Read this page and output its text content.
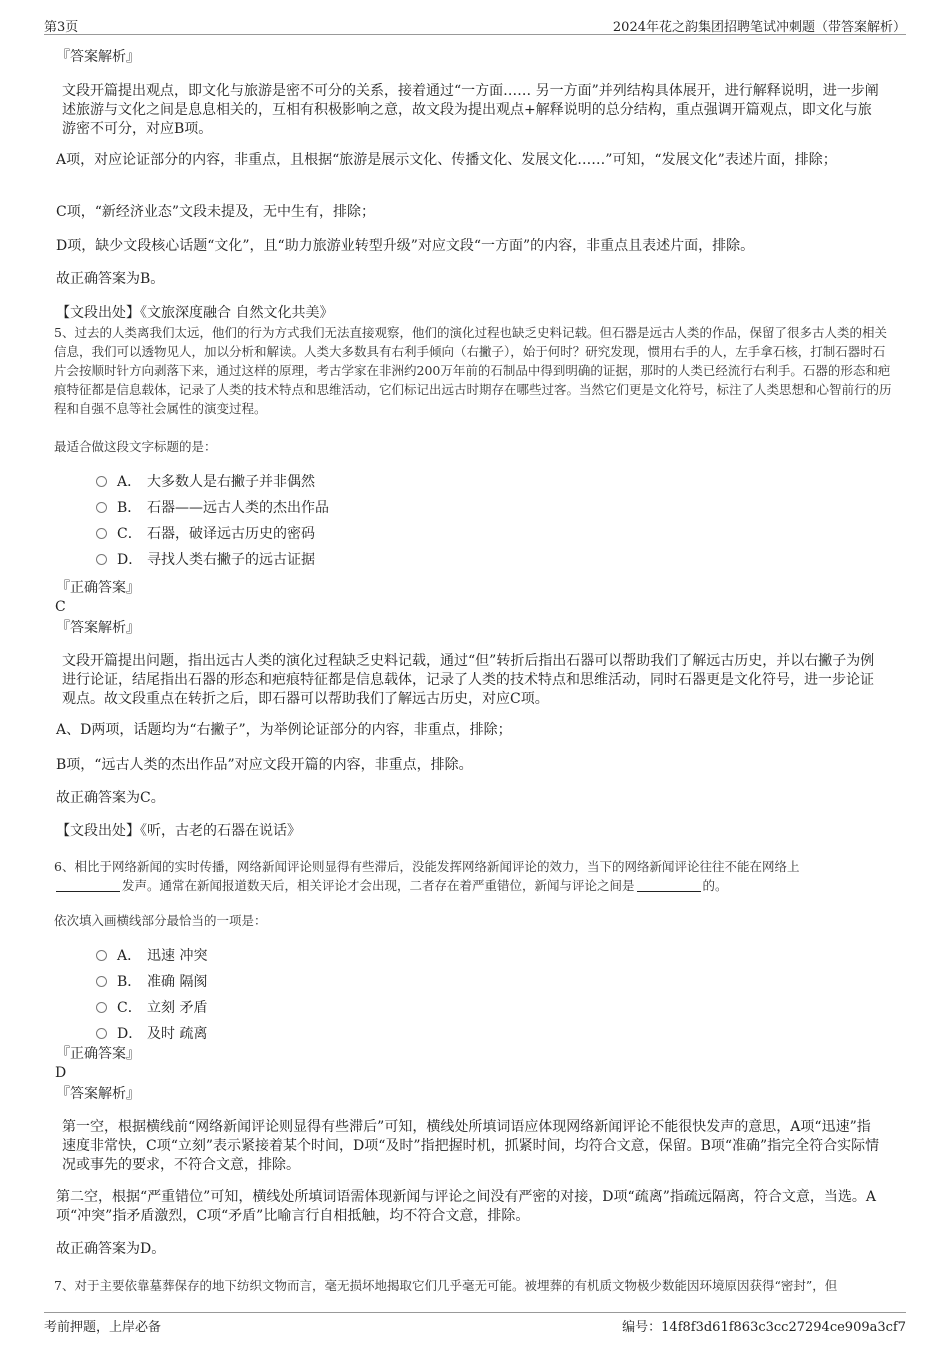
第3页	2024年花之韵集团招聘笔试冲刺题（带答案解析）
『答案解析』
文段开篇提出观点，即文化与旅游是密不可分的关系，接着通过“一方面…… 另一方面”并列结构具体展开，进行解释说明，进一步阐述旅游与文化之间是息息相关的，互相有积极影响之意，故文段为提出观点+解释说明的总分结构，重点强调开篇观点，即文化与旅游密不可分，对应B项。
A项，对应论证部分的内容，非重点，且根据“旅游是展示文化、传播文化、发展文化……”可知，“发展文化”表述片面，排除；
C项，“新经济业态”文段未提及，无中生有，排除；
D项，缺少文段核心话题“文化”，且“助力旅游业转型升级”对应文段“一方面”的内容，非重点且表述片面，排除。
故正确答案为B。
【文段出处】《文旅深度融合 自然文化共美》
5、过去的人类离我们太远，他们的行为方式我们无法直接观察，他们的演化过程也缺乏史料记载。但石器是远古人类的作品，保留了很多古人类的相关信息，我们可以透物见人，加以分析和解读。人类大多数具有右利手倾向（右撇子），始于何时？研究发现，惯用右手的人，左手拿石核，打制石器时石片会按顺时针方向剥落下来，通过这样的原理，考古学家在非洲约200万年前的石制品中得到明确的证据，那时的人类已经流行右利手。石器的形态和疤痕特征都是信息载体，记录了人类的技术特点和思维活动，它们标记出远古时期存在哪些过客。当然它们更是文化符号，标注了人类思想和心智前行的历程和自强不息等社会属性的演变过程。
最适合做这段文字标题的是：
A． 大多数人是右撇子并非偶然
B． 石器——远古人类的杰出作品
C． 石器，破译远古历史的密码
D． 寻找人类右撇子的远古证据
『正确答案』
C
『答案解析』
文段开篇提出问题，指出远古人类的演化过程缺乏史料记载，通过“但”转折后指出石器可以帮助我们了解远古历史，并以右撇子为例进行论证，结尾指出石器的形态和疤痕特征都是信息载体，记录了人类的技术特点和思维活动，同时石器更是文化符号，进一步论证观点。故文段重点在转折之后，即石器可以帮助我们了解远古历史，对应C项。
A、D两项，话题均为“右撇子”，为举例论证部分的内容，非重点，排除；
B项，“远古人类的杰出作品”对应文段开篇的内容，非重点，排除。
故正确答案为C。
【文段出处】《听，古老的石器在说话》
6、相比于网络新闻的实时传播，网络新闻评论则显得有些滞后，没能发挥网络新闻评论的效力，当下的网络新闻评论往往不能在网络上
发声。通常在新闻报道数天后，相关评论才会出现，二者存在着严重错位，新闻与评论之间是	的。
依次填入画横线部分最恰当的一项是：
A． 迅速 冲突
B． 准确 隔阂
C． 立刻 矛盾
D． 及时 疏离
『正确答案』
D
『答案解析』
第一空，根据横线前“网络新闻评论则显得有些滞后”可知，横线处所填词语应体现网络新闻评论不能很快发声的意思，A项“迅速”指速度非常快，C项“立刻”表示紧接着某个时间，D项“及时”指把握时机，抓紧时间，均符合文意，保留。B项“准确”指完全符合实际情况或事先的要求，不符合文意，排除。
第二空，根据“严重错位”可知，横线处所填词语需体现新闻与评论之间没有严密的对接，D项“疏离”指疏远隔离，符合文意，当选。A项“冲突”指矛盾激烈，C项“矛盾”比喻言行自相抵触，均不符合文意，排除。
故正确答案为D。
7、对于主要依靠墓葬保存的地下纺织文物而言，毫无损坏地揭取它们几乎毫无可能。被埋葬的有机质文物极少数能因环境原因获得“密封”，但
考前押题，上岸必备	编号：14f8f3d61f863c3cc27294ce909a3cf7
